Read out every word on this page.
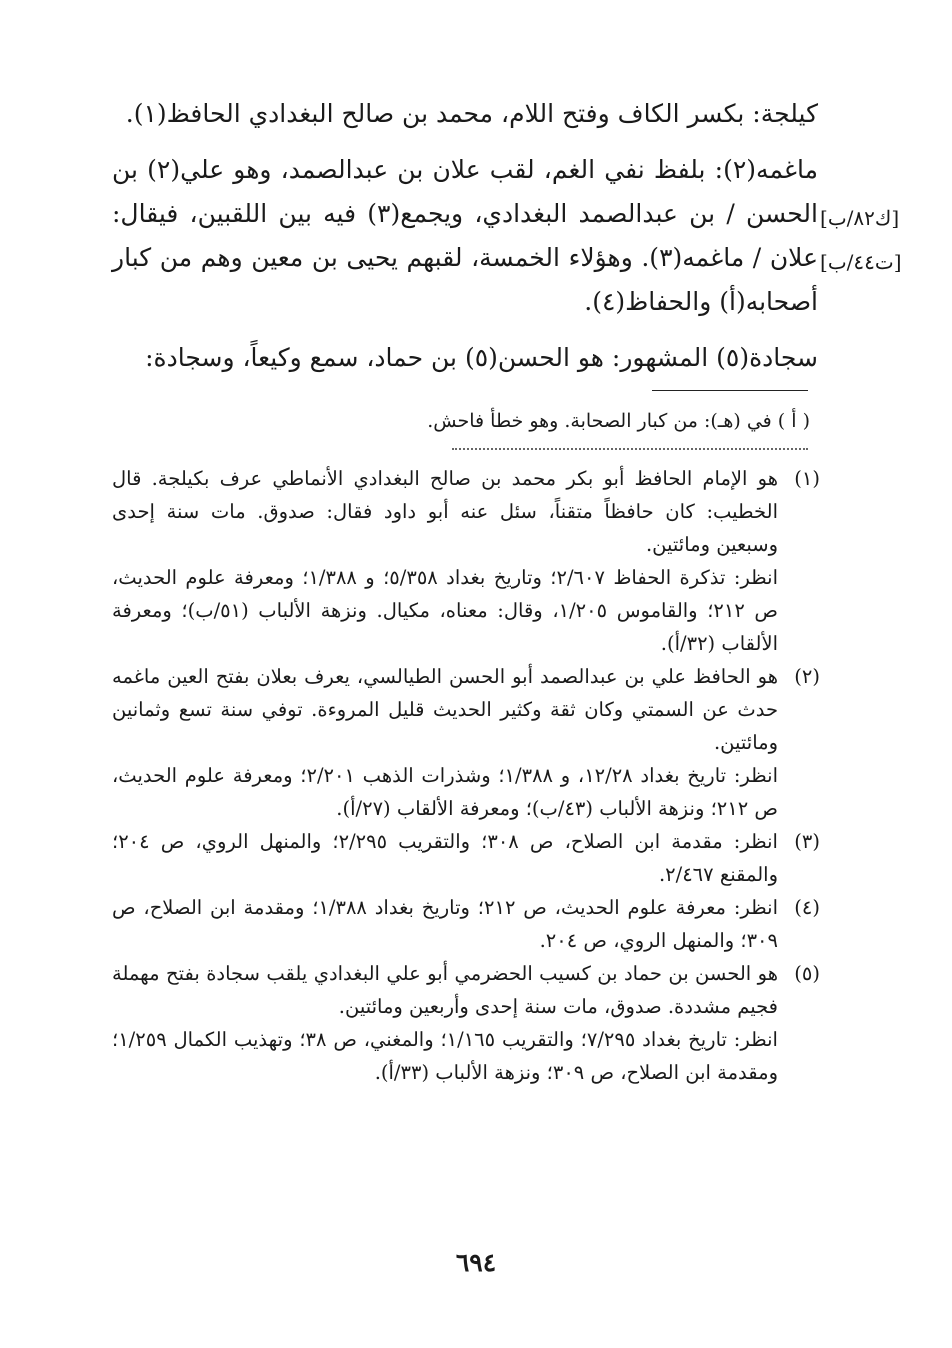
كيلجة: بكسر الكاف وفتح اللام، محمد بن صالح البغدادي الحافظ(١).

ماغمه(٢): بلفظ نفي الغم، لقب علان بن عبدالصمد، وهو علي(٢) بن الحسن / بن عبدالصمد البغدادي، ويجمع(٣) فيه بين اللقبين، فيقال: علان / ماغمه(٣). وهؤلاء الخمسة، لقبهم يحيى بن معين وهم من كبار أصحابه(أ) والحفاظ(٤).

سجادة(٥) المشهور: هو الحسن(٥) بن حماد، سمع وكيعاً، وسجادة:

[ك٨٢/ب]
[ت٤٤/ب]
( أ ) في (هـ): من كبار الصحابة. وهو خطأ فاحش.
(١)

هو الإمام الحافظ أبو بكر محمد بن صالح البغدادي الأنماطي عرف بكيلجة. قال الخطيب: كان حافظاً متقناً، سئل عنه أبو داود فقال: صدوق. مات سنة إحدى وسبعين ومائتين.

انظر: تذكرة الحفاظ ٢/٦٠٧؛ وتاريخ بغداد ٥/٣٥٨؛ و ١/٣٨٨؛ ومعرفة علوم الحديث، ص ٢١٢؛ والقاموس ١/٢٠٥، وقال: معناه، مكيال. ونزهة الألباب (٥١/ب)؛ ومعرفة الألقاب (٣٢/أ).

(٢)

هو الحافظ علي بن عبدالصمد أبو الحسن الطيالسي، يعرف بعلان بفتح العين ماغمه حدث عن السمتي وكان ثقة وكثير الحديث قليل المروءة. توفي سنة تسع وثمانين ومائتين.

انظر: تاريخ بغداد ١٢/٢٨، و ١/٣٨٨؛ وشذرات الذهب ٢/٢٠١؛ ومعرفة علوم الحديث، ص ٢١٢؛ ونزهة الألباب (٤٣/ب)؛ ومعرفة الألقاب (٢٧/أ).

(٣)

انظر: مقدمة ابن الصلاح، ص ٣٠٨؛ والتقريب ٢/٢٩٥؛ والمنهل الروي، ص ٢٠٤؛ والمقنع ٢/٤٦٧.

(٤)

انظر: معرفة علوم الحديث، ص ٢١٢؛ وتاريخ بغداد ١/٣٨٨؛ ومقدمة ابن الصلاح، ص ٣٠٩؛ والمنهل الروي، ص ٢٠٤.

(٥)

هو الحسن بن حماد بن كسيب الحضرمي أبو علي البغدادي يلقب سجادة بفتح مهملة فجيم مشددة. صدوق، مات سنة إحدى وأربعين ومائتين.

انظر: تاريخ بغداد ٧/٢٩٥؛ والتقريب ١/١٦٥؛ والمغني، ص ٣٨؛ وتهذيب الكمال ١/٢٥٩؛ ومقدمة ابن الصلاح، ص ٣٠٩؛ ونزهة الألباب (٣٣/أ).

٦٩٤
